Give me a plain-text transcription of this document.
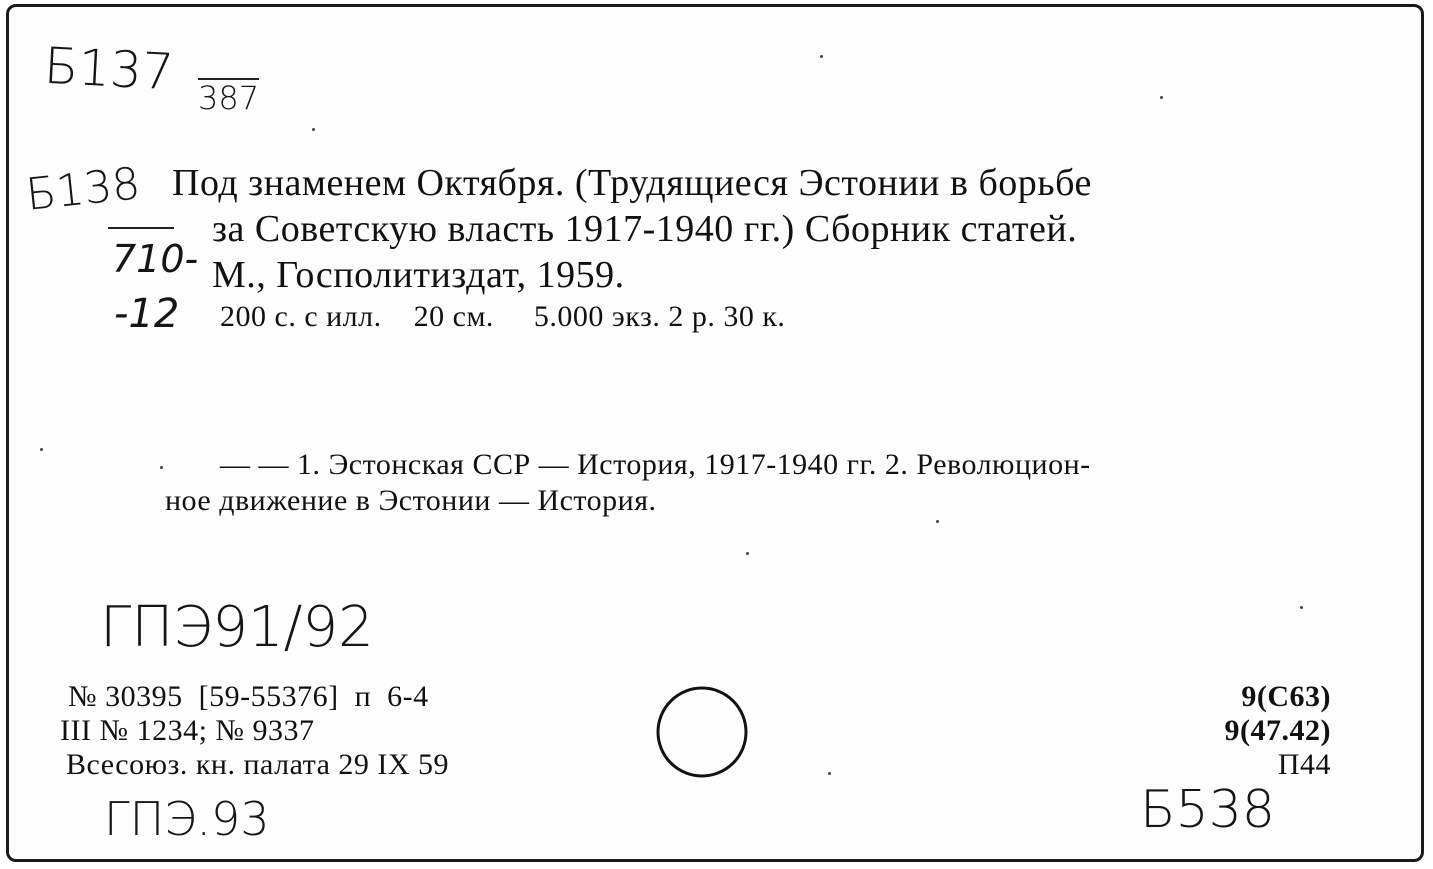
Б137 387
Б138
710-
-12
Под знаменем Октября. (Трудящиеся Эстонии в борьбе
за Советскую власть 1917-1940 гг.) Сборник статей.
М., Госполитиздат, 1959.
200 с. с илл.    20 см.     5.000 экз. 2 р. 30 к.
— — 1. Эстонская ССР — История, 1917-1940 гг. 2. Революцион-
ное движение в Эстонии — История.
ГПЭ91/92
№ 30395  [59-55376]  п  6-4
III № 1234; № 9337
Всесоюз. кн. палата 29 IX 59
9(С63)
9(47.42)
П44
ГПЭ.93	Б538
